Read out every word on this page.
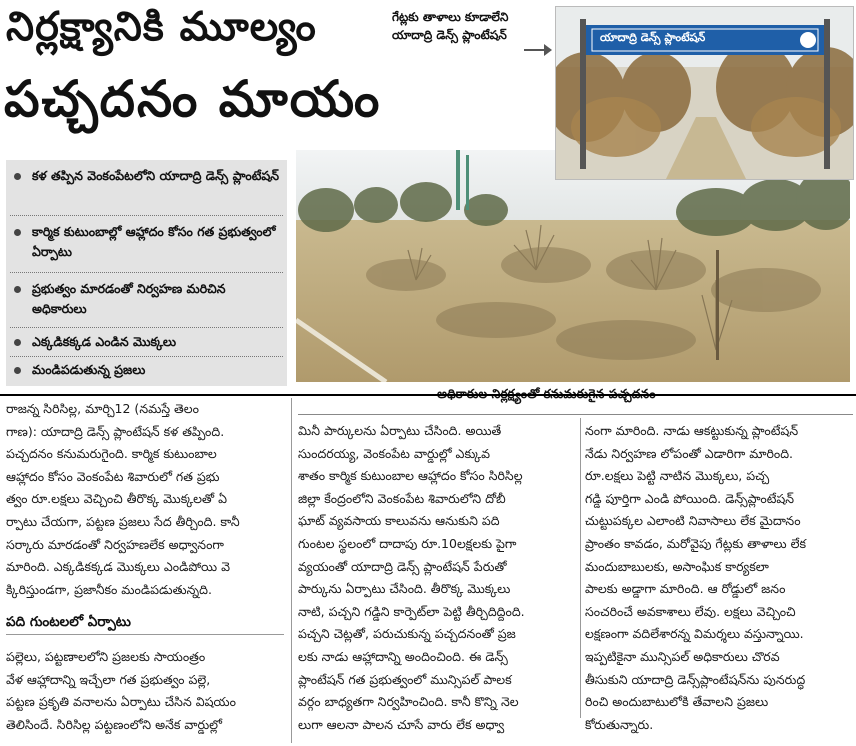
నిర్లక్ష్యానికి మూల్యం
పచ్చదనం మాయం
గేట్లకు తాళాలు కూడాలేని
యాదాద్రి డెన్స్ ప్లాంటేషన్
కళ తప్పిన వెంకంపేటలోని యాదాద్రి డెన్స్ ప్లాంటేషన్
కార్మిక కుటుంబాల్లో ఆహ్లాదం కోసం గత ప్రభుత్వంలో ఏర్పాటు
ప్రభుత్వం మారడంతో నిర్వహణ మరిచిన అధికారులు
ఎక్కడికక్కడ ఎండిన మొక్కలు
మండిపడుతున్న ప్రజలు
యాదాద్రి డెన్స్ ప్లాంటేషన్
రాజన్న సిరిసిల్ల, మార్చి12 (నమస్తే తెలం
గాణ): యాదాద్రి డెన్స్ ప్లాంటేషన్ కళ తప్పింది.
పచ్చదనం కనుమరుగైంది. కార్మిక కుటుంబాల
ఆహ్లాదం కోసం వెంకంపేట శివారులో గత ప్రభు
త్వం రూ.లక్షలు వెచ్చించి తీరొక్క మొక్కలతో ఏ
ర్పాటు చేయగా, పట్టణ ప్రజలు సేద తీర్చింది. కానీ
సర్కారు మారడంతో నిర్వహణలేక అధ్వానంగా
మారింది. ఎక్కడికక్కడ మొక్కలు ఎండిపోయి వె
క్కిరిస్తుండగా, ప్రజానీకం మండిపడుతున్నది.
పది గుంటలలో ఏర్పాటు
పల్లెలు, పట్టణాలలోని ప్రజలకు సాయంత్రం
వేళ ఆహ్లాదాన్ని ఇచ్చేలా గత ప్రభుత్వం పల్లె,
పట్టణ ప్రకృతి వనాలను ఏర్పాటు చేసిన విషయం
తెలిసిందే. సిరిసిల్ల పట్టణంలోని అనేక వార్డుల్లో
మినీ పార్కులను ఏర్పాటు చేసింది. అయితే
సుందరయ్య, వెంకంపేట వార్డుల్లో ఎక్కువ
శాతం కార్మిక కుటుంబాల ఆహ్లాదం కోసం సిరిసిల్ల
జిల్లా కేంద్రంలోని వెంకంపేట శివారులోని దోబీ
ఘాట్ వ్యవసాయ కాలువను ఆనుకుని పది
గుంటల స్థలంలో దాదాపు రూ.10లక్షలకు పైగా
వ్యయంతో యాదాద్రి డెన్స్ ప్లాంటేషన్ పేరుతో
పార్కును ఏర్పాటు చేసింది. తీరొక్క మొక్కలు
నాటి, పచ్చని గడ్డిని కార్పెట్‌లా పెట్టి తీర్చిదిద్దింది.
పచ్చని చెట్లతో, పరుచుకున్న పచ్చదనంతో ప్రజ
లకు నాడు ఆహ్లాదాన్ని అందించింది. ఈ డెన్స్
ప్లాంటేషన్ గత ప్రభుత్వంలో మున్సిపల్ పాలక
వర్గం బాధ్యతగా నిర్వహించింది. కానీ కొన్ని నెల
లుగా ఆలనా పాలన చూసే వారు లేక అధ్వా
నంగా మారింది. నాడు ఆకట్టుకున్న ప్లాంటేషన్
నేడు నిర్వహణ లోపంతో ఎడారిగా మారింది.
రూ.లక్షలు పెట్టి నాటిన మొక్కలు, పచ్చ
గడ్డి పూర్తిగా ఎండి పోయింది. డెన్స్‌ప్లాంటేషన్
చుట్టుపక్కల ఎలాంటి నివాసాలు లేక మైదానం
ప్రాంతం కావడం, మరోవైపు గేట్లకు తాళాలు లేక
మందుబాబులకు, అసాంఘిక కార్యకలా
పాలకు అడ్డాగా మారింది. ఆ రోడ్డులో జనం
సంచరించే అవకాశాలు లేవు. లక్షలు వెచ్చించి
లక్షణంగా వదిలేశారన్న విమర్శలు వస్తున్నాయి.
ఇప్పటికైనా మున్సిపల్ అధికారులు చొరవ
తీసుకుని యాదాద్రి డెన్స్‌ప్లాంటేషన్‌ను పునరుద్ధ
రించి అందుబాటులోకి తేవాలని ప్రజలు
కోరుతున్నారు.
